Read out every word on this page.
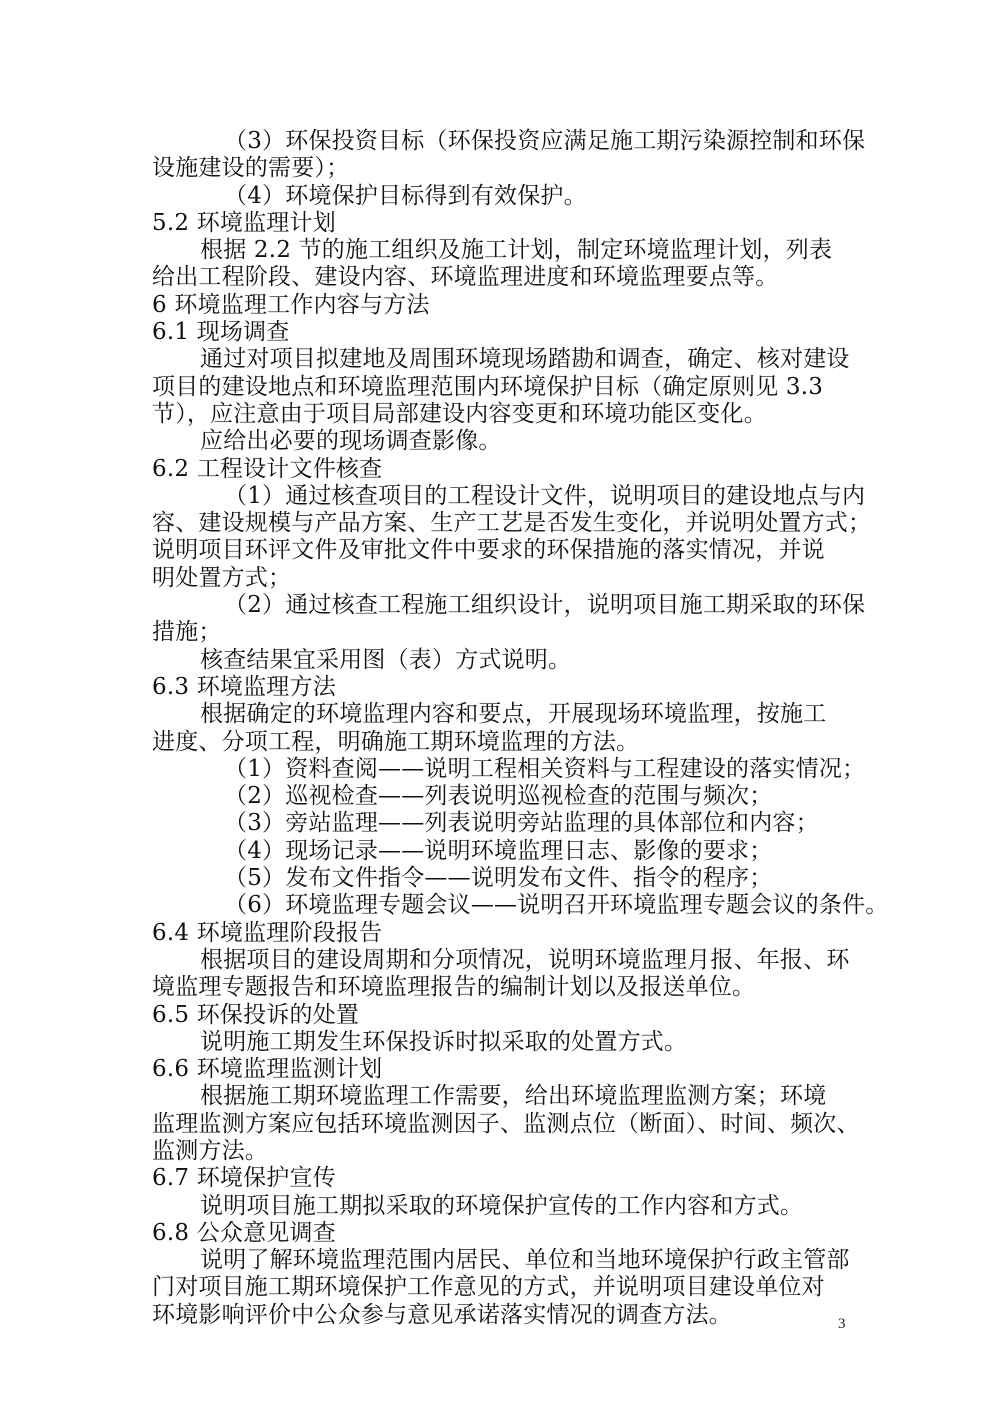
（3）环保投资目标（环保投资应满足施工期污染源控制和环保
设施建设的需要）；
（4）环境保护目标得到有效保护。
5.2 环境监理计划
根据 2.2 节的施工组织及施工计划，制定环境监理计划，列表
给出工程阶段、建设内容、环境监理进度和环境监理要点等。
6 环境监理工作内容与方法
6.1 现场调查
通过对项目拟建地及周围环境现场踏勘和调查，确定、核对建设
项目的建设地点和环境监理范围内环境保护目标（确定原则见 3.3
节），应注意由于项目局部建设内容变更和环境功能区变化。
应给出必要的现场调查影像。
6.2 工程设计文件核查
（1）通过核查项目的工程设计文件，说明项目的建设地点与内
容、建设规模与产品方案、生产工艺是否发生变化，并说明处置方式；
说明项目环评文件及审批文件中要求的环保措施的落实情况，并说
明处置方式；
（2）通过核查工程施工组织设计，说明项目施工期采取的环保
措施；
核查结果宜采用图（表）方式说明。
6.3 环境监理方法
根据确定的环境监理内容和要点，开展现场环境监理，按施工
进度、分项工程，明确施工期环境监理的方法。
（1）资料查阅——说明工程相关资料与工程建设的落实情况；
（2）巡视检查——列表说明巡视检查的范围与频次；
（3）旁站监理——列表说明旁站监理的具体部位和内容；
（4）现场记录——说明环境监理日志、影像的要求；
（5）发布文件指令——说明发布文件、指令的程序；
（6）环境监理专题会议——说明召开环境监理专题会议的条件。
6.4 环境监理阶段报告
根据项目的建设周期和分项情况，说明环境监理月报、年报、环
境监理专题报告和环境监理报告的编制计划以及报送单位。
6.5 环保投诉的处置
说明施工期发生环保投诉时拟采取的处置方式。
6.6 环境监理监测计划
根据施工期环境监理工作需要，给出环境监理监测方案；环境
监理监测方案应包括环境监测因子、监测点位（断面）、时间、频次、
监测方法。
6.7 环境保护宣传
说明项目施工期拟采取的环境保护宣传的工作内容和方式。
6.8 公众意见调查
说明了解环境监理范围内居民、单位和当地环境保护行政主管部
门对项目施工期环境保护工作意见的方式，并说明项目建设单位对
环境影响评价中公众参与意见承诺落实情况的调查方法。	3
